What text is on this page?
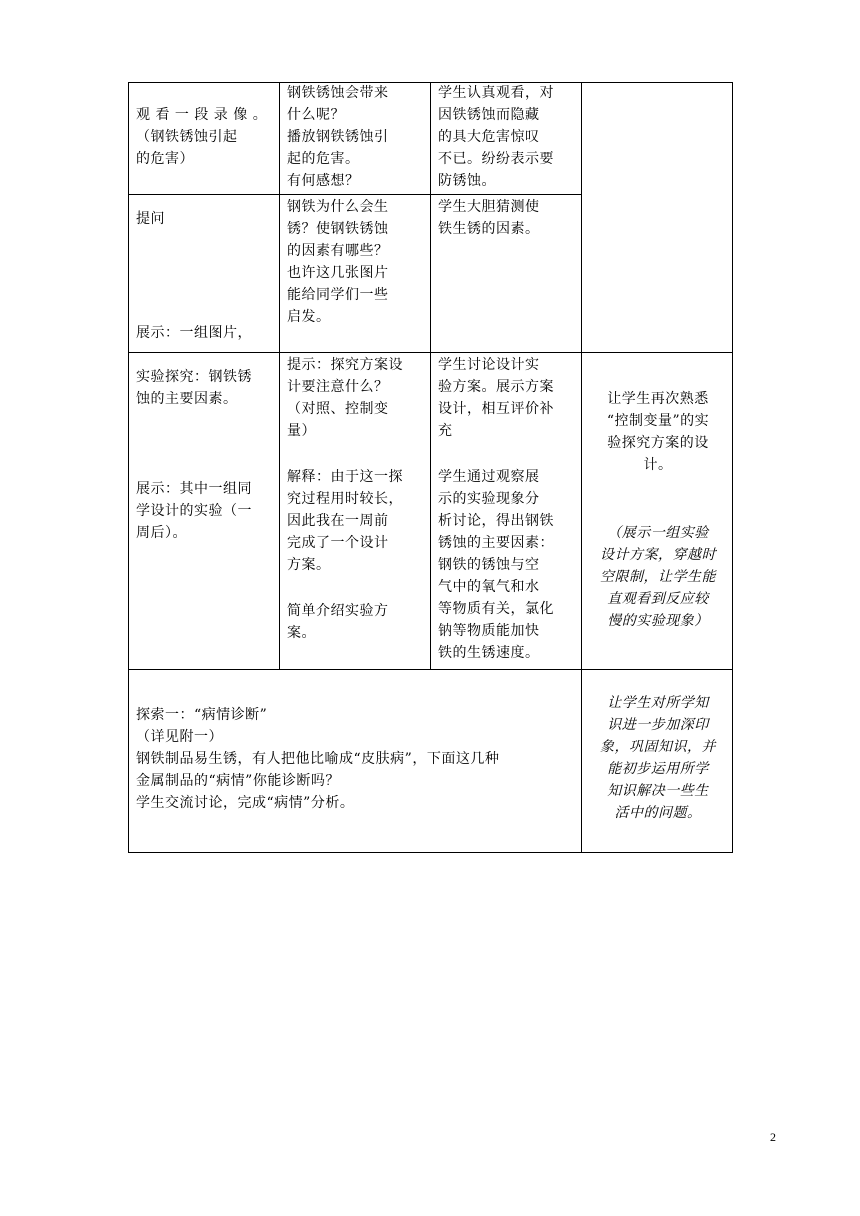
观 看 一 段 录 像 。

（钢铁锈蚀引起

的危害）

钢铁锈蚀会带来

什么呢？

播放钢铁锈蚀引

起的危害。

有何感想？

学生认真观看，对

因铁锈蚀而隐藏

的具大危害惊叹

不已。纷纷表示要

防锈蚀。

提问
展示：一组图片，

钢铁为什么会生

锈？使钢铁锈蚀

的因素有哪些？

也许这几张图片

能给同学们一些

启发。

学生大胆猜测使

铁生锈的因素。

实验探究：钢铁锈

蚀的主要因素。

展示：其中一组同

学设计的实验（一

周后）。

提示：探究方案设

计要注意什么？

（对照、控制变

量）

解释：由于这一探

究过程用时较长，

因此我在一周前

完成了一个设计

方案。

简单介绍实验方

案。

学生讨论设计实

验方案。展示方案

设计，相互评价补

充

学生通过观察展

示的实验现象分

析讨论，得出钢铁

锈蚀的主要因素：

钢铁的锈蚀与空

气中的氧气和水

等物质有关，氯化

钠等物质能加快

铁的生锈速度。

让学生再次熟悉

“控制变量”的实

验探究方案的设

计。

（展示一组实验

设计方案，穿越时

空限制，让学生能

直观看到反应较

慢的实验现象）

探索一：“病情诊断”

（详见附一）

钢铁制品易生锈，有人把他比喻成“皮肤病”，下面这几种

金属制品的“病情”你能诊断吗？

学生交流讨论，完成“病情”分析。

让学生对所学知

识进一步加深印

象，巩固知识，并

能初步运用所学

知识解决一些生

活中的问题。

2
